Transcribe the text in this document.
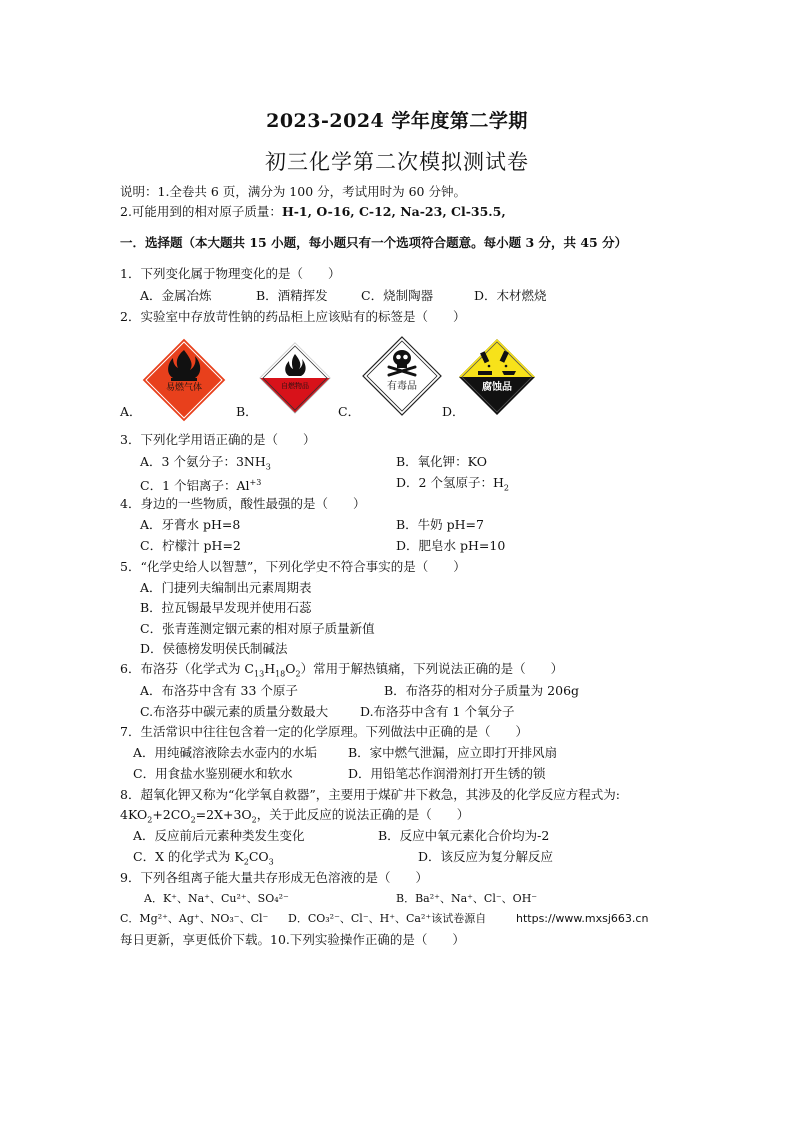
2023-2024 学年度第二学期
初三化学第二次模拟测试卷
说明：1.全卷共 6 页，满分为 100 分，考试用时为 60 分钟。
2.可能用到的相对原子质量：H-1, O-16, C-12, Na-23, Cl-35.5,
一．选择题（本大题共 15 小题，每小题只有一个选项符合题意。每小题 3 分，共 45 分）
1．下列变化属于物理变化的是（　　）
A．金属冶炼	B．酒精挥发	C．烧制陶器	D．木材燃烧
2．实验室中存放苛性钠的药品柜上应该贴有的标签是（　　）
易燃气体	自燃物品	有毒品	腐蚀品
A．	B．	C．	D．
3．下列化学用语正确的是（　　）
A．3 个氨分子：$3NH_3$	B．氧化钾：KO
C．1 个铝离子：$Al^{+3}$	D．2 个氢原子：$H_2$
4．身边的一些物质，酸性最强的是（　　）
A．牙膏水 pH=8	B．牛奶 pH=7
C．柠檬汁 pH=2	D．肥皂水 pH=10
5．“化学史给人以智慧”，下列化学史不符合事实的是（　　）
A．门捷列夫编制出元素周期表
B．拉瓦锡最早发现并使用石蕊
C．张青莲测定铟元素的相对原子质量新值
D．侯德榜发明侯氏制碱法
6．布洛芬（化学式为 $C_{13}H_{18}O_2$）常用于解热镇痛，下列说法正确的是（　　）
A．布洛芬中含有 33 个原子	B．布洛芬的相对分子质量为 206g
C.布洛芬中碳元素的质量分数最大	D.布洛芬中含有 1 个氧分子
7．生活常识中往往包含着一定的化学原理。下列做法中正确的是（　　）
A．用纯碱溶液除去水壶内的水垢 B．家中燃气泄漏，应立即打开排风扇
C．用食盐水鉴别硬水和软水	D．用铅笔芯作润滑剂打开生锈的锁
8．超氧化钾又称为“化学氧自救器”，主要用于煤矿井下救急，其涉及的化学反应方程式为:
$4KO_2+2CO_2=2X+3O_2$，关于此反应的说法正确的是（　　）
A．反应前后元素种类发生变化	B．反应中氧元素化合价均为-2
C．X 的化学式为 $K_2CO_3$	D．该反应为复分解反应
9．下列各组离子能大量共存形成无色溶液的是（　　）
A．K⁺、Na⁺、Cu²⁺、SO₄²⁻	B．Ba²⁺、Na⁺、Cl⁻、OH⁻
C．Mg²⁺、Ag⁺、NO₃⁻、Cl⁻ D．CO₃²⁻、Cl⁻、H⁺、Ca²⁺该试卷源自	https://www.mxsj663.cn
每日更新，享更低价下载。10.下列实验操作正确的是（　　）
